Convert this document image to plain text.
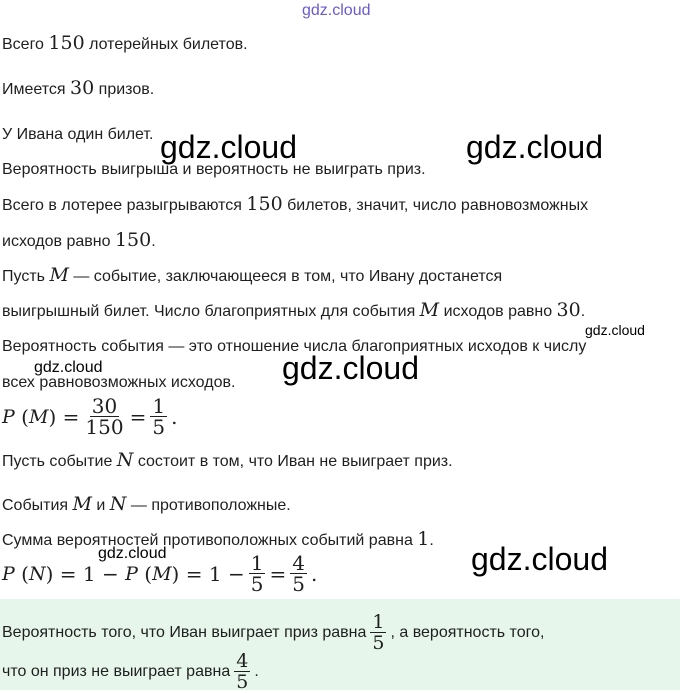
gdz.cloud
Всего 150 лотерейных билетов.
Имеется 30 призов.
У Ивана один билет.
Вероятность выигрыша и вероятность не выиграть приз.
Всего в лотерее разыгрываются 150 билетов, значит, число равновозможных
исходов равно 150.
Пусть M — событие, заключающееся в том, что Ивану достанется
выигрышный билет. Число благоприятных для события M исходов равно 30.
Вероятность события — это отношение числа благоприятных исходов к числу
всех равновозможных исходов.
P ( M ) = $\frac{30}{150} = \frac{1}{5}$ .
Пусть событие N состоит в том, что Иван не выиграет приз.
События M и N — противоположные.
Сумма вероятностей противоположных событий равна 1.
P ( N ) =
1
−
P ( M ) =
1
− $\frac{1}{5} = \frac{4}{5}$ .
Вероятность того, что Иван выиграет приз равна $\frac{1}{5}$ , а вероятность того,
что он приз не выиграет равна $\frac{4}{5}$ .
gdz.cloud	gdz.cloud
gdz.cloud
gdz.cloud
gdz.cloud
gdz.cloud	gdz.cloud
